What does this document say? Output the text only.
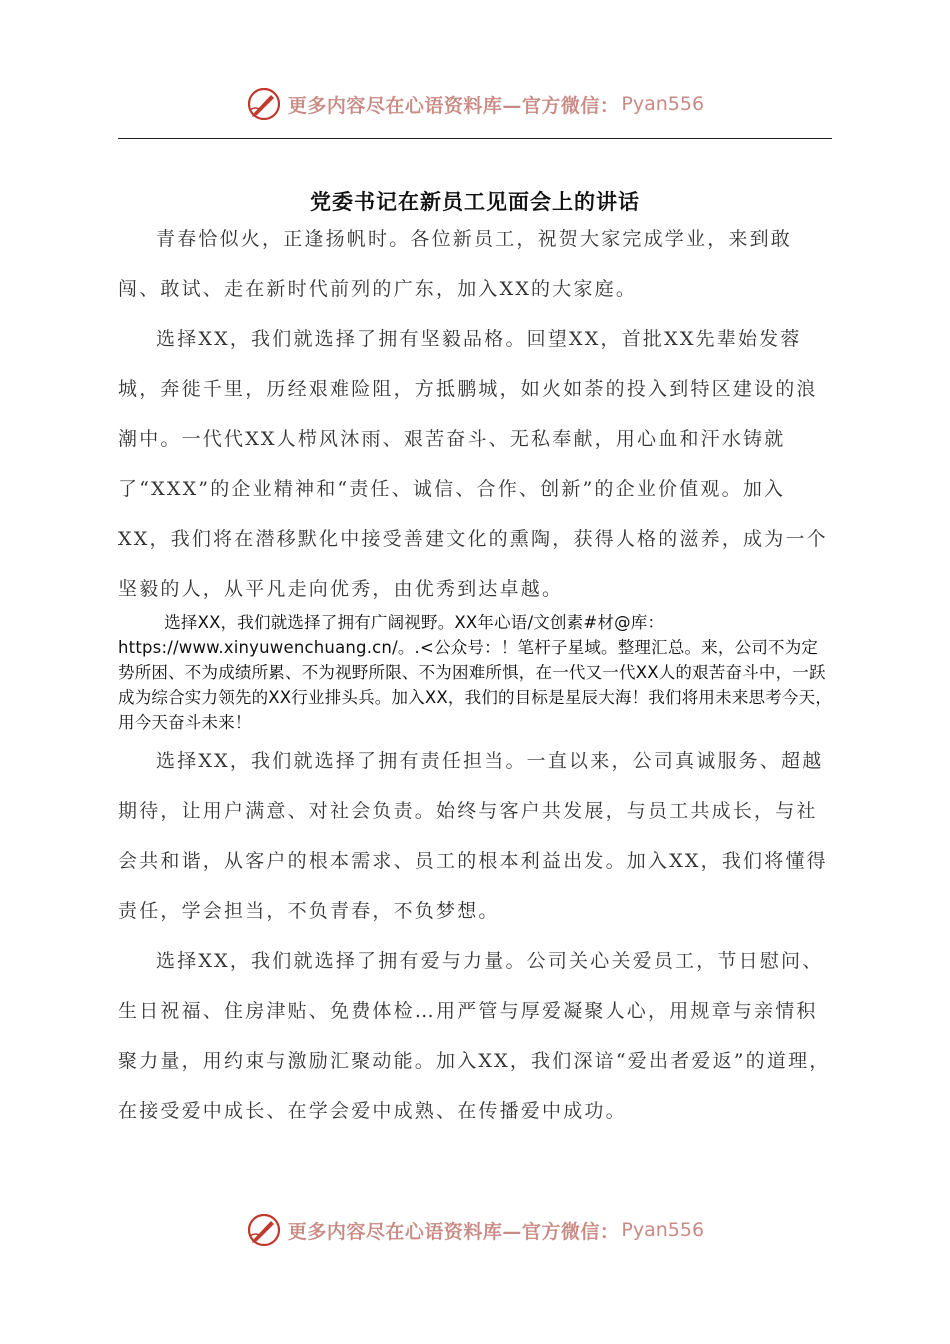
更多内容尽在心语资料库—官方微信： Pyan556
党委书记在新员工见面会上的讲话

青春恰似火，正逢扬帆时。各位新员工，祝贺大家完成学业，来到敢闯、敢试、走在新时代前列的广东，加入XX的大家庭。

选择XX，我们就选择了拥有坚毅品格。回望XX，首批XX先辈始发蓉城，奔徙千里，历经艰难险阻，方抵鹏城，如火如荼的投入到特区建设的浪潮中。一代代XX人栉风沐雨、艰苦奋斗、无私奉献，用心血和汗水铸就了“XXX”的企业精神和“责任、诚信、合作、创新”的企业价值观。加入XX，我们将在潜移默化中接受善建文化的熏陶，获得人格的滋养，成为一个坚毅的人，从平凡走向优秀，由优秀到达卓越。

选择XX，我们就选择了拥有广阔视野。XX年心语/文创素#材@库：https://www.xinyuwenchuang.cn/。.<公众号：！笔杆子星域。整理汇总。来，公司不为定势所困、不为成绩所累、不为视野所限、不为困难所惧，在一代又一代XX人的艰苦奋斗中，一跃成为综合实力领先的XX行业排头兵。加入XX，我们的目标是星辰大海！我们将用未来思考今天，用今天奋斗未来！

选择XX，我们就选择了拥有责任担当。一直以来，公司真诚服务、超越期待，让用户满意、对社会负责。始终与客户共发展，与员工共成长，与社会共和谐，从客户的根本需求、员工的根本利益出发。加入XX，我们将懂得责任，学会担当，不负青春，不负梦想。

选择XX，我们就选择了拥有爱与力量。公司关心关爱员工，节日慰问、生日祝福、住房津贴、免费体检…用严管与厚爱凝聚人心，用规章与亲情积聚力量，用约束与激励汇聚动能。加入XX，我们深谙“爱出者爱返”的道理，在接受爱中成长、在学会爱中成熟、在传播爱中成功。

更多内容尽在心语资料库—官方微信： Pyan556
